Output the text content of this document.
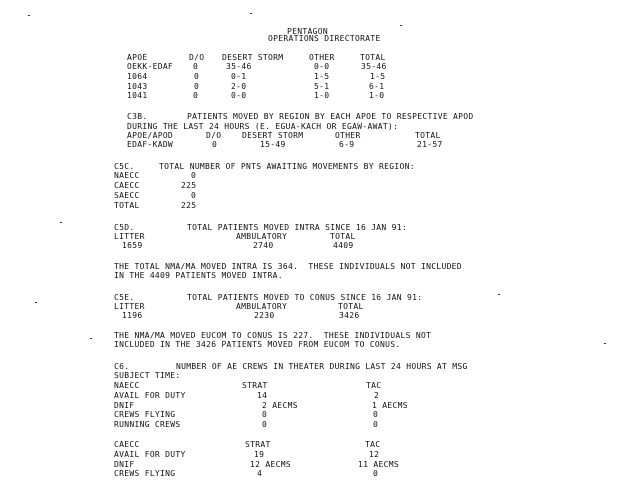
PENTAGON
OPERATIONS DIRECTORATE
APOE	D/O DESERT STORM	OTHER	TOTAL
OEKK-EDAF 0	35-46	0-0	35-46
1064	0	0-1	1-5	1-5
1043	0	2-0	5-1	6-1
1041	0	0-0	1-0	1-0
C3B.	PATIENTS MOVED BY REGION BY EACH APOE TO RESPECTIVE APOD
DURING THE LAST 24 HOURS (E. EGUA-KACH OR EGAW-AWAT):
APOE/APOD	D/O	DESERT STORM	OTHER	TOTAL
EDAF-KADW	0	15-49	6-9	21-57
C5C.	TOTAL NUMBER OF PNTS AWAITING MOVEMENTS BY REGION:
NAECC	0
CAECC	225
SAECC	0
TOTAL	225
C5D.	TOTAL PATIENTS MOVED INTRA SINCE 16 JAN 91:
LITTER	AMBULATORY	TOTAL
1659	2740	4409
THE TOTAL NMA/MA MOVED INTRA IS 364.  THESE INDIVIDUALS NOT INCLUDED
IN THE 4409 PATIENTS MOVED INTRA.
C5E.	TOTAL PATIENTS MOVED TO CONUS SINCE 16 JAN 91:
LITTER	AMBULATORY	TOTAL
1196	2230	3426
THE NMA/MA MOVED EUCOM TO CONUS IS 227.  THESE INDIVIDUALS NOT
INCLUDED IN THE 3426 PATIENTS MOVED FROM EUCOM TO CONUS.
C6.	NUMBER OF AE CREWS IN THEATER DURING LAST 24 HOURS AT MSG
SUBJECT TIME:
NAECC	STRAT	TAC
AVAIL FOR DUTY	14	2
DNIF	2 AECMS	1 AECMS
CREWS FLYING	0	0
RUNNING CREWS	0	0
CAECC	STRAT	TAC
AVAIL FOR DUTY	19	12
DNIF	12 AECMS	11 AECMS
CREWS FLYING	4	0
